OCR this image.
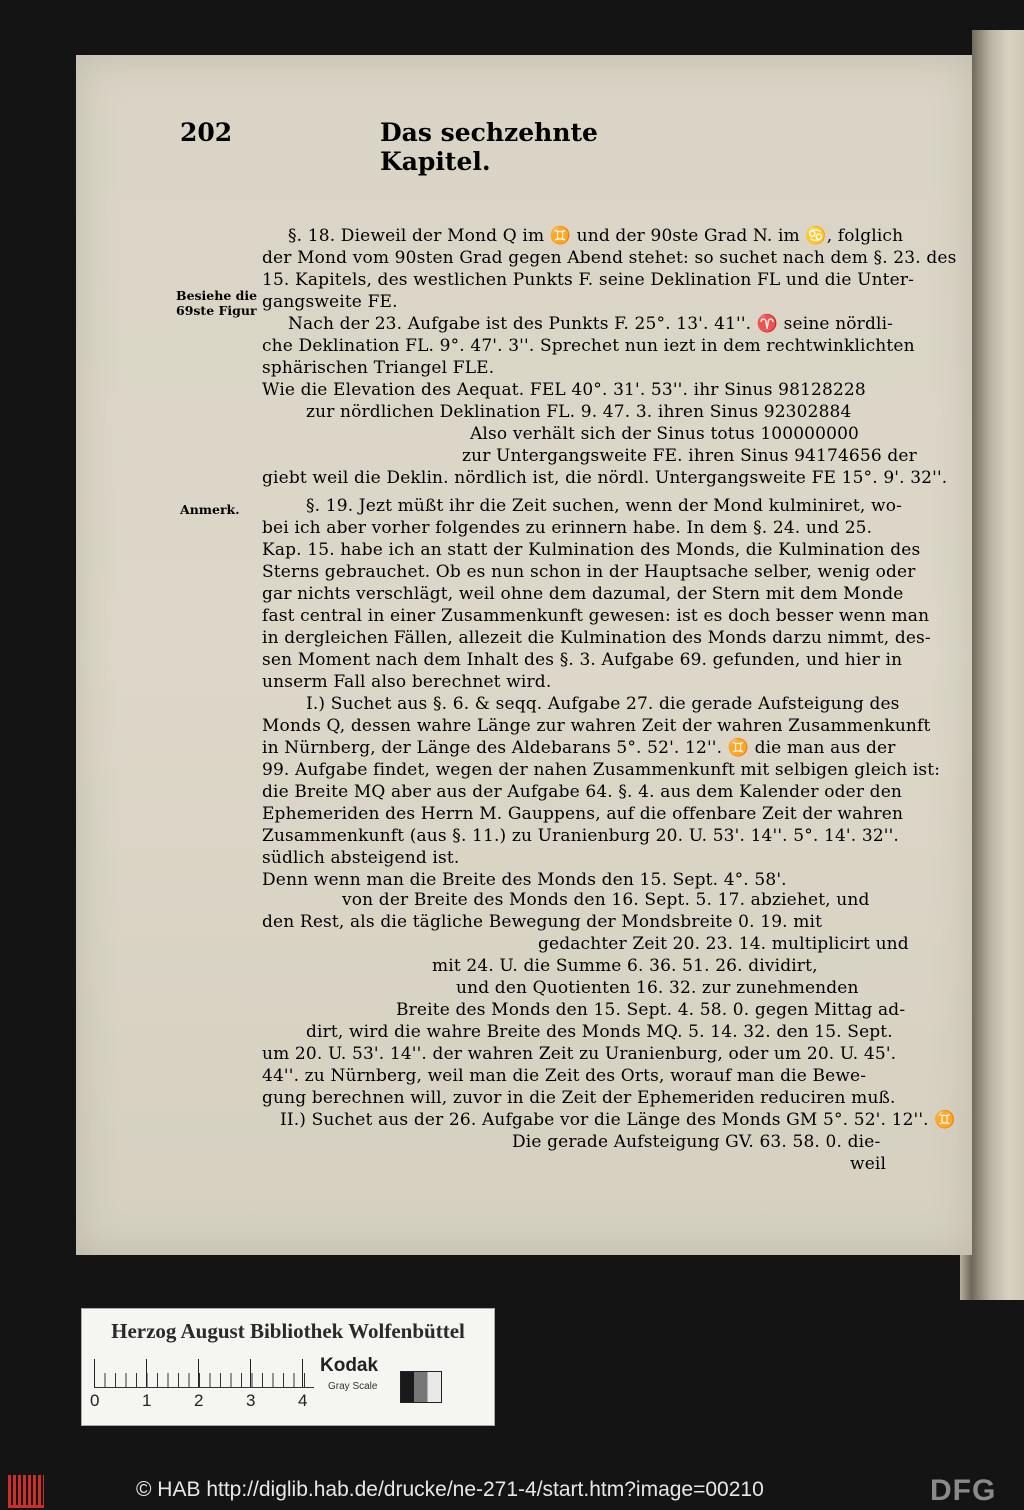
202	Das sechzehnte Kapitel.
Besiehe die
69ste Figur
Anmerk.
§. 18. Dieweil der Mond Q im ♊ und der 90ste Grad N. im ♋, folglich
der Mond vom 90sten Grad gegen Abend stehet: so suchet nach dem §. 23. des
15. Kapitels, des westlichen Punkts F. seine Deklination FL und die Unter-
gangsweite FE.
Nach der 23. Aufgabe ist des Punkts F. 25°. 13'. 41''. ♈ seine nördli-
che Deklination FL. 9°. 47'. 3''. Sprechet nun iezt in dem rechtwinklichten
sphärischen Triangel FLE.
Wie die Elevation des Aequat. FEL 40°. 31'. 53''. ihr Sinus 98128228
zur nördlichen Deklination FL. 9. 47. 3. ihren Sinus 92302884
Also verhält sich der Sinus totus 100000000
zur Untergangsweite FE. ihren Sinus 94174656 der
giebt weil die Deklin. nördlich ist, die nördl. Untergangsweite FE 15°. 9'. 32''.
§. 19. Jezt müßt ihr die Zeit suchen, wenn der Mond kulminiret, wo-
bei ich aber vorher folgendes zu erinnern habe. In dem §. 24. und 25.
Kap. 15. habe ich an statt der Kulmination des Monds, die Kulmination des
Sterns gebrauchet. Ob es nun schon in der Hauptsache selber, wenig oder
gar nichts verschlägt, weil ohne dem dazumal, der Stern mit dem Monde
fast central in einer Zusammenkunft gewesen: ist es doch besser wenn man
in dergleichen Fällen, allezeit die Kulmination des Monds darzu nimmt, des-
sen Moment nach dem Inhalt des §. 3. Aufgabe 69. gefunden, und hier in
unserm Fall also berechnet wird.
I.) Suchet aus §. 6. & seqq. Aufgabe 27. die gerade Aufsteigung des
Monds Q, dessen wahre Länge zur wahren Zeit der wahren Zusammenkunft
in Nürnberg, der Länge des Aldebarans 5°. 52'. 12''. ♊ die man aus der
99. Aufgabe findet, wegen der nahen Zusammenkunft mit selbigen gleich ist:
die Breite MQ aber aus der Aufgabe 64. §. 4. aus dem Kalender oder den
Ephemeriden des Herrn M. Gauppens, auf die offenbare Zeit der wahren
Zusammenkunft (aus §. 11.) zu Uranienburg 20. U. 53'. 14''. 5°. 14'. 32''.
südlich absteigend ist.
Denn wenn man die Breite des Monds den 15. Sept. 4°. 58'.
von der Breite des Monds den 16. Sept. 5. 17. abziehet, und
den Rest, als die tägliche Bewegung der Mondsbreite 0. 19. mit
gedachter Zeit 20. 23. 14. multiplicirt und
mit 24. U. die Summe 6. 36. 51. 26. dividirt,
und den Quotienten 16. 32. zur zunehmenden
Breite des Monds den 15. Sept. 4. 58. 0. gegen Mittag ad-
dirt, wird die wahre Breite des Monds MQ. 5. 14. 32. den 15. Sept.
um 20. U. 53'. 14''. der wahren Zeit zu Uranienburg, oder um 20. U. 45'.
44''. zu Nürnberg, weil man die Zeit des Orts, worauf man die Bewe-
gung berechnen will, zuvor in die Zeit der Ephemeriden reduciren muß.
II.) Suchet aus der 26. Aufgabe vor die Länge des Monds GM 5°. 52'. 12''. ♊
Die gerade Aufsteigung GV. 63. 58. 0. die-
weil
Herzog August Bibliothek Wolfenbüttel
0	1	2	3	4
Kodak
Gray Scale
© HAB http://diglib.hab.de/drucke/ne-271-4/start.htm?image=00210	DFG
